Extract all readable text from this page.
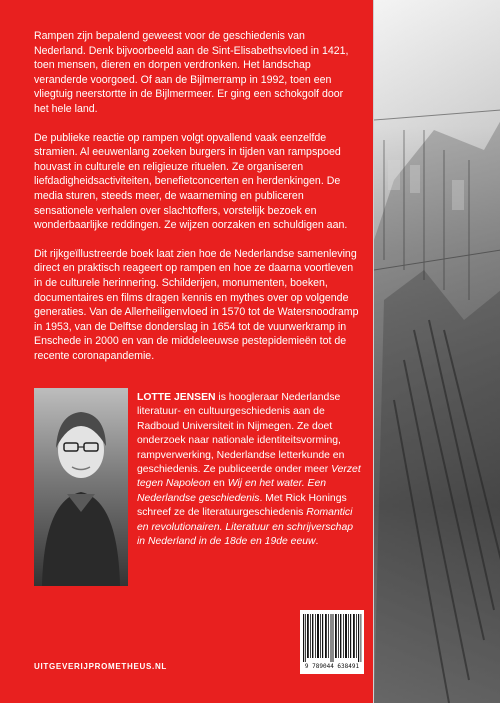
Rampen zijn bepalend geweest voor de geschiedenis van Nederland. Denk bijvoorbeeld aan de Sint-Elisabethsvloed in 1421, toen mensen, dieren en dorpen verdronken. Het landschap veranderde voorgoed. Of aan de Bijlmerramp in 1992, toen een vliegtuig neerstortte in de Bijlmermeer. Er ging een schokgolf door het hele land.

De publieke reactie op rampen volgt opvallend vaak eenzelfde stramien. Al eeuwenlang zoeken burgers in tijden van rampspoed houvast in culturele en religieuze rituelen. Ze organiseren liefdadigheidsactiviteiten, benefietconcerten en herdenkingen. De media sturen, steeds meer, de waarneming en publiceren sensationele verhalen over slachtoffers, vorstelijk bezoek en wonderbaarlijke reddingen. Ze wijzen oorzaken en schuldigen aan.

Dit rijkgeïllustreerde boek laat zien hoe de Nederlandse samenleving direct en praktisch reageert op rampen en hoe ze daarna voortleven in de culturele herinnering. Schilderijen, monumenten, boeken, documentaires en films dragen kennis en mythes over op volgende generaties. Van de Allerheiligenvloed in 1570 tot de Watersnoodramp in 1953, van de Delftse donderslag in 1654 tot de vuurwerkramp in Enschede in 2000 en van de middeleeuwse pestepidemieën tot de recente coronapandemie.

LOTTE JENSEN is hoogleraar Nederlandse literatuur- en cultuurgeschiedenis aan de Radboud Universiteit in Nijmegen. Ze doet onderzoek naar nationale identiteitsvorming, rampverwerking, Nederlandse letterkunde en geschiedenis. Ze publiceerde onder meer Verzet tegen Napoleon en Wij en het water. Een Nederlandse geschiedenis. Met Rick Honings schreef ze de literatuurgeschiedenis Romantici en revolutionairen. Literatuur en schrijverschap in Nederland in de 18de en 19de eeuw.

UITGEVERIJPROMETHEUS.NL	9 789044 638491
